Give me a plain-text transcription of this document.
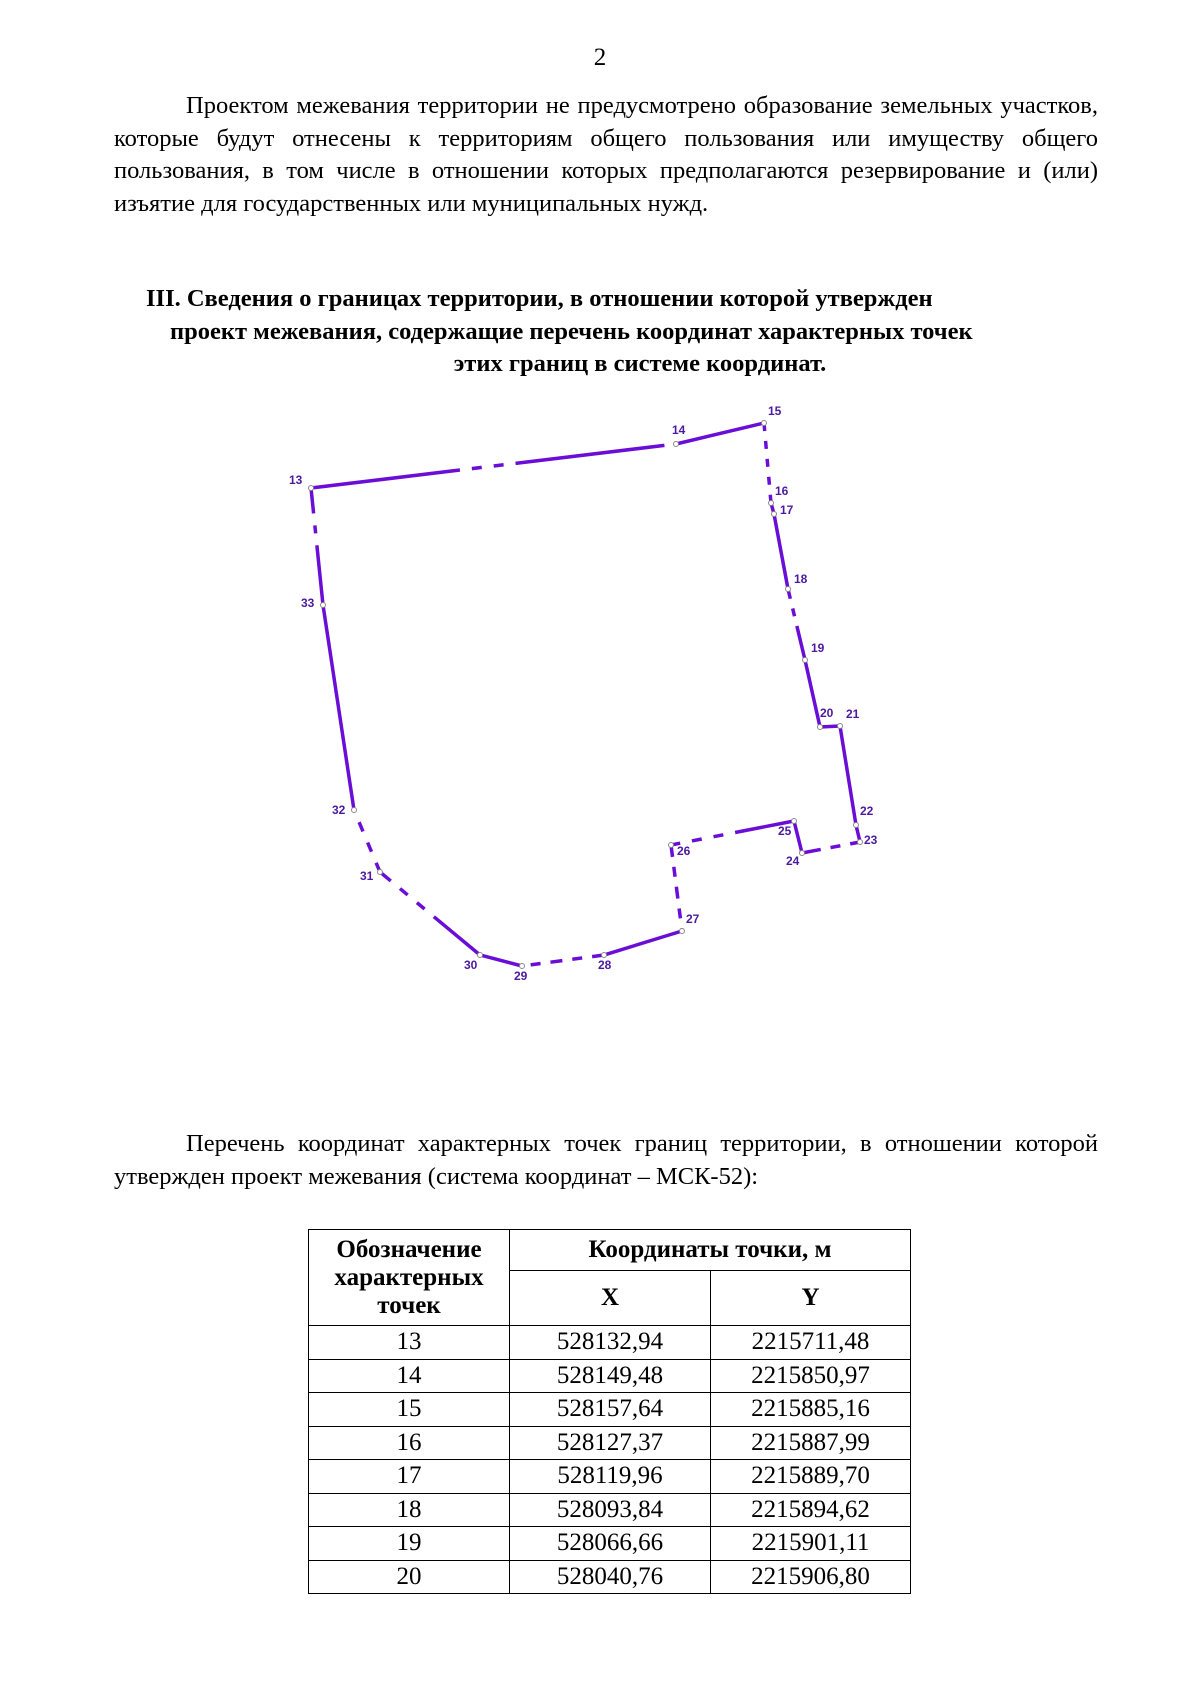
2
Проектом межевания территории не предусмотрено образование земельных участков, которые будут отнесены к территориям общего пользования или имуществу общего пользования, в том числе в отношении которых предполагаются резервирование и (или) изъятие для государственных или муниципальных нужд.
III. Сведения о границах территории, в отношении которой утвержден
проект межевания, содержащие перечень координат характерных точек
этих границ в системе координат.
13
14
15
16
17
18
19
20 21
22
23
24
25
26
27
28
29
30
31
32
33
Перечень координат характерных точек границ территории, в отношении которой утвержден проект межевания (система координат – МСК-52):
Обозначение характерных точек	Координаты точки, м	
	X	Y
13	528132,94	2215711,48
14	528149,48	2215850,97
15	528157,64	2215885,16
16	528127,37	2215887,99
17	528119,96	2215889,70
18	528093,84	2215894,62
19	528066,66	2215901,11
20	528040,76	2215906,80
